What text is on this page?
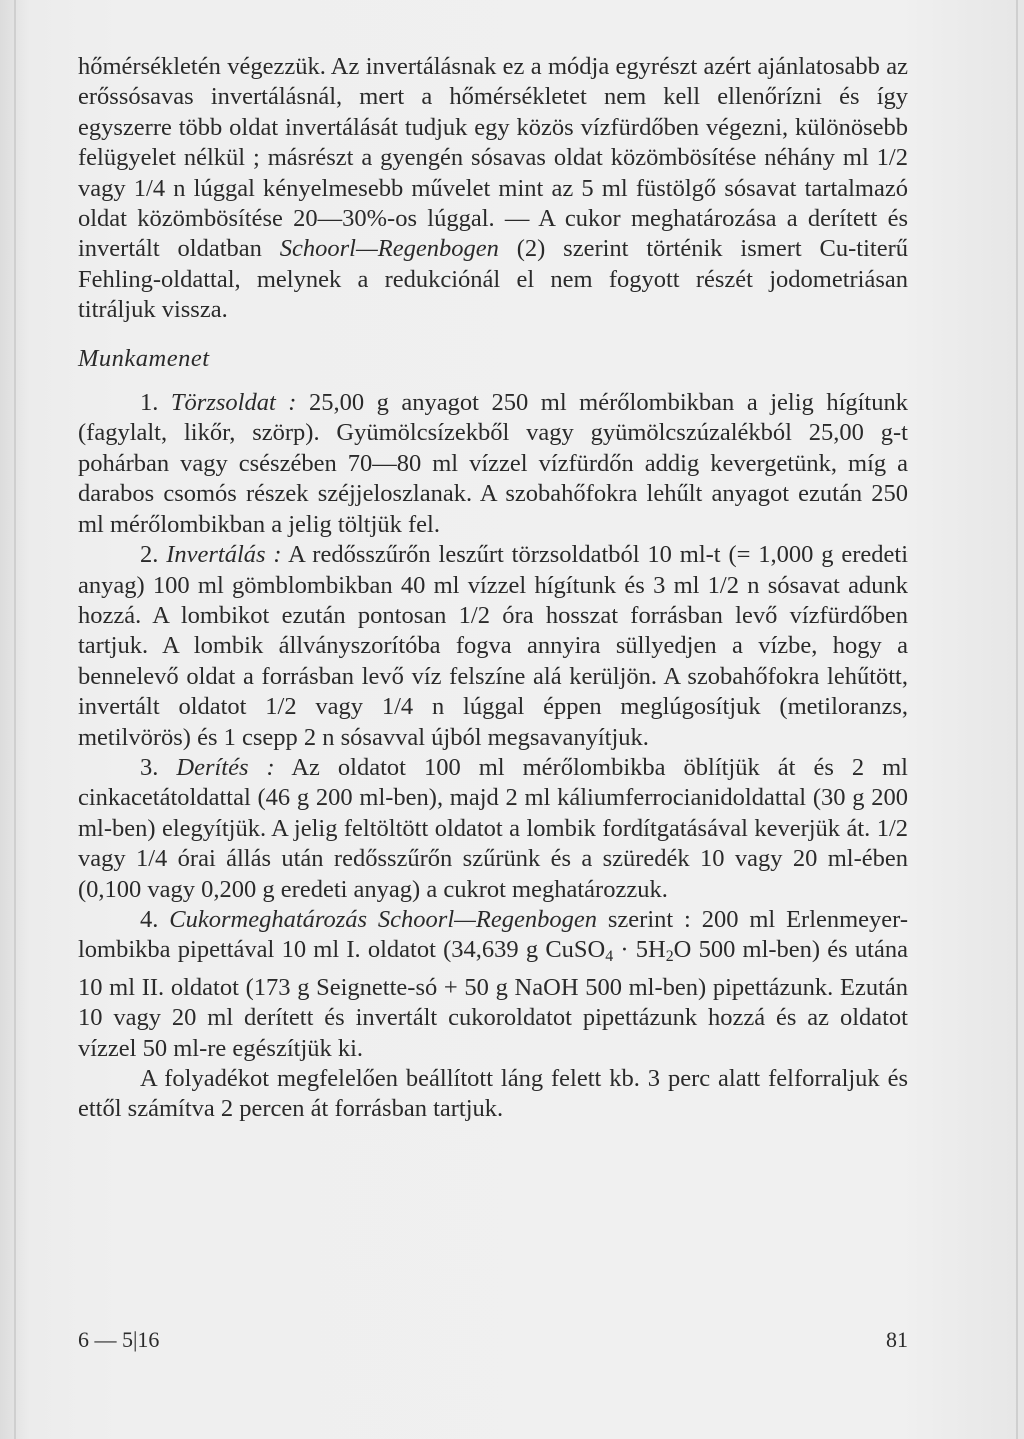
hőmérsékletén végezzük. Az invertálásnak ez a módja egyrészt azért ajánlatosabb az erőssósavas invertálásnál, mert a hőmérsékletet nem kell ellenőrízni és így egyszerre több oldat invertálását tudjuk egy közös vízfürdőben végezni, különösebb felügyelet nélkül ; másrészt a gyengén sósavas oldat közömbösítése néhány ml 1/2 vagy 1/4 n lúggal kényelmesebb művelet mint az 5 ml füstölgő sósavat tartalmazó oldat közömbösítése 20—30%-os lúggal. — A cukor meghatározása a derített és invertált oldatban Schoorl—Regenbogen (2) szerint történik ismert Cu-titerű Fehling-oldattal, melynek a redukciónál el nem fogyott részét jodometriásan titráljuk vissza.

Munkamenet

1. Törzsoldat : 25,00 g anyagot 250 ml mérőlombikban a jelig hígítunk (fagylalt, likőr, szörp). Gyümölcsízekből vagy gyümölcszúzalékból 25,00 g-t pohárban vagy csészében 70—80 ml vízzel vízfürdőn addig kevergetünk, míg a darabos csomós részek széjjeloszlanak. A szobahőfokra lehűlt anyagot ezután 250 ml mérőlombikban a jelig töltjük fel.

2. Invertálás : A redősszűrőn leszűrt törzsoldatból 10 ml-t (= 1,000 g eredeti anyag) 100 ml gömblombikban 40 ml vízzel hígítunk és 3 ml 1/2 n sósavat adunk hozzá. A lombikot ezután pontosan 1/2 óra hosszat forrásban levő vízfürdőben tartjuk. A lombik állványszorítóba fogva annyira süllyedjen a vízbe, hogy a bennelevő oldat a forrásban levő víz felszíne alá kerüljön. A szobahőfokra lehűtött, invertált oldatot 1/2 vagy 1/4 n lúggal éppen meglúgosítjuk (metiloranzs, metilvörös) és 1 csepp 2 n sósavval újból megsavanyítjuk.

3. Derítés : Az oldatot 100 ml mérőlombikba öblítjük át és 2 ml cinkacetátoldattal (46 g 200 ml-ben), majd 2 ml káliumferrocianidoldattal (30 g 200 ml-ben) elegyítjük. A jelig feltöltött oldatot a lombik fordítgatásával keverjük át. 1/2 vagy 1/4 órai állás után redősszűrőn szűrünk és a szüredék 10 vagy 20 ml-ében (0,100 vagy 0,200 g eredeti anyag) a cukrot meghatározzuk.

4. Cukormeghatározás Schoorl—Regenbogen szerint : 200 ml Erlenmeyer-lombikba pipettával 10 ml I. oldatot (34,639 g CuSO$_4$ · $5H_2O$ 500 ml-ben) és utána 10 ml II. oldatot (173 g Seignette-só + 50 g NaOH 500 ml-ben) pipettázunk. Ezután 10 vagy 20 ml derített és invertált cukoroldatot pipettázunk hozzá és az oldatot vízzel 50 ml-re egészítjük ki.

A folyadékot megfelelően beállított láng felett kb. 3 perc alatt felforraljuk és ettől számítva 2 percen át forrásban tartjuk.

6 — 5|16	81
